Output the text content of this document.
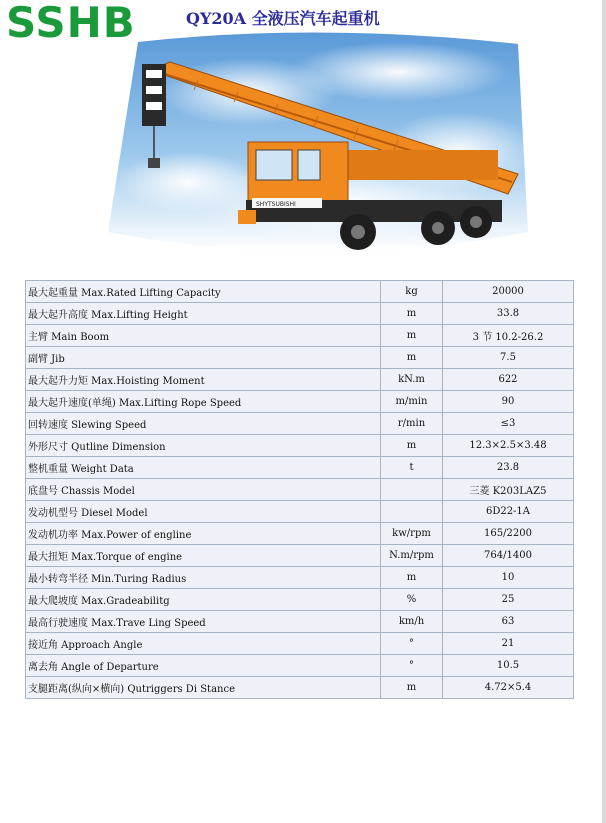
SSHB	QY20A 全液压汽车起重机
SHYTSUBISHI
最大起重量 Max.Rated Lifting Capacity	kg	20000
最大起升高度 Max.Lifting Height	m	33.8
主臂 Main Boom	m	3 节 10.2-26.2
副臂 Jib	m	7.5
最大起升力矩 Max.Hoisting Moment	kN.m	622
最大起升速度(单绳) Max.Lifting Rope Speed	m/min	90
回转速度 Slewing Speed	r/min	≤3
外形尺寸 Qutline Dimension	m	12.3×2.5×3.48
整机重量 Weight Data	t	23.8
底盘号 Chassis Model		三菱 K203LAZ5
发动机型号 Diesel Model		6D22-1A
发动机功率 Max.Power of engline	kw/rpm	165/2200
最大扭矩 Max.Torque of engine	N.m/rpm	764/1400
最小转弯半径 Min.Turing Radius	m	10
最大爬坡度 Max.Gradeabilitg	%	25
最高行驶速度 Max.Trave Ling Speed	km/h	63
接近角 Approach Angle	°	21
离去角 Angle of Departure	°	10.5
支腿距离(纵向×横向) Qutriggers Di Stance	m	4.72×5.4
